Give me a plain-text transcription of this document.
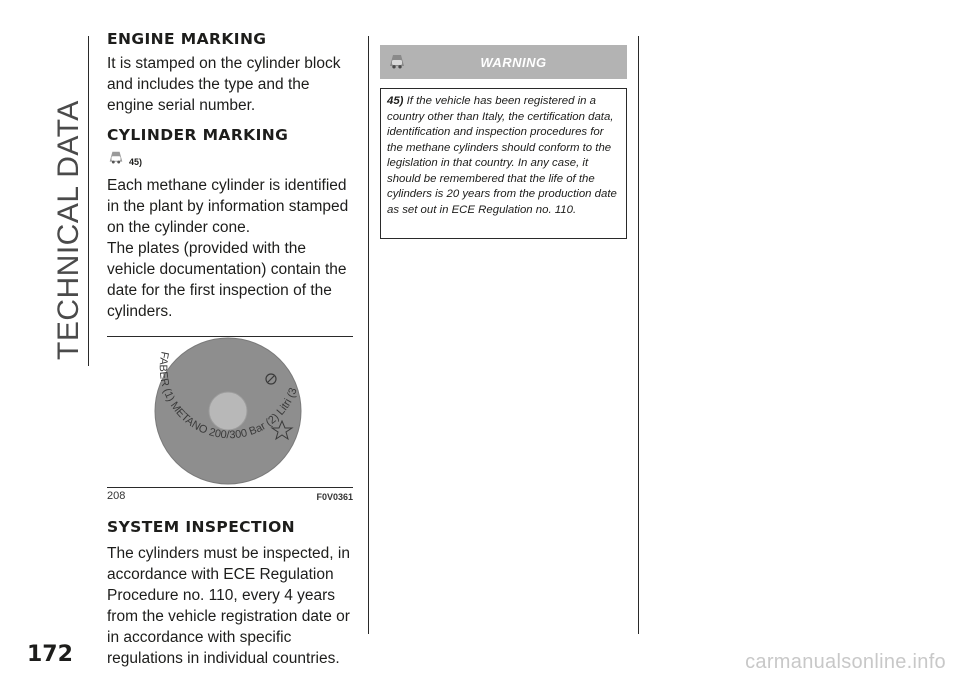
TECHNICAL DATA
ENGINE MARKING

It is stamped on the cylinder block and includes the type and the engine serial number.

CYLINDER MARKING
45)

Each methane cylinder is identified in the plant by information stamped on the cylinder cone.

The plates (provided with the vehicle documentation) contain the date for the first inspection of the cylinders.

FABER (1) METANO 200/300 Bar (2) Litri (3
208	F0V0361
SYSTEM INSPECTION

The cylinders must be inspected, in accordance with ECE Regulation Procedure no. 110, every 4 years from the vehicle registration date or in accordance with specific regulations in individual countries.

WARNING
45) If the vehicle has been registered in a country other than Italy, the certification data, identification and inspection procedures for the methane cylinders should conform to the legislation in that country. In any case, it should be remembered that the life of the cylinders is 20 years from the production date as set out in ECE Regulation no. 110.
172	carmanualsonline.info
